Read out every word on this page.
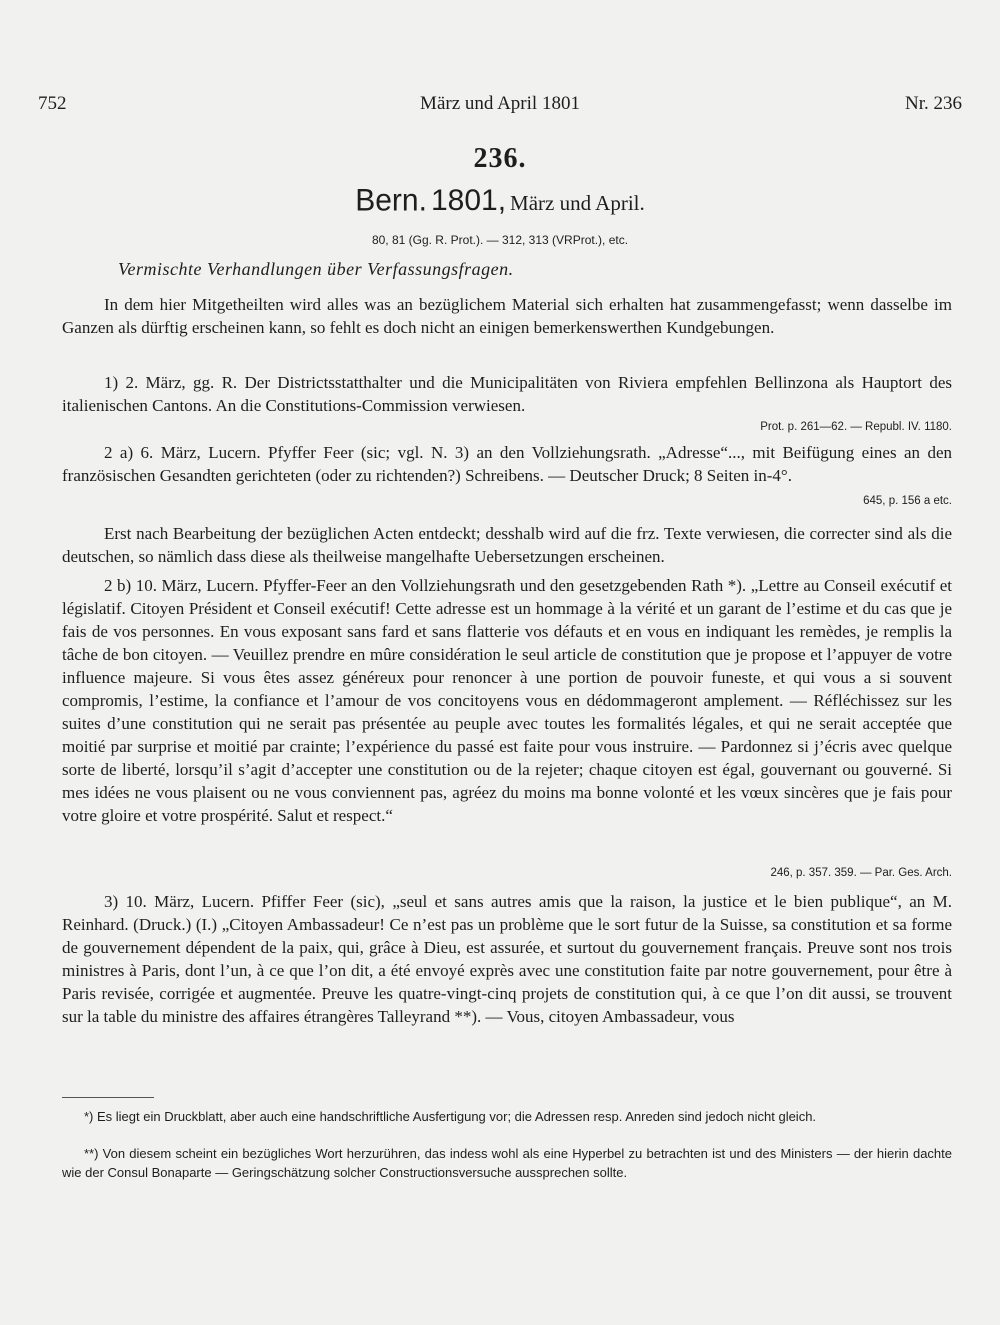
752	März und April 1801	Nr. 236
236.
Bern. 1801, März und April.
80, 81 (Gg. R. Prot.). — 312, 313 (VRProt.), etc.
Vermischte Verhandlungen über Verfassungsfragen.
In dem hier Mitgetheilten wird alles was an bezüglichem Material sich erhalten hat zusammengefasst; wenn dasselbe im Ganzen als dürftig erscheinen kann, so fehlt es doch nicht an einigen bemerkenswerthen Kundgebungen.
1) 2. März, gg. R. Der Districtsstatthalter und die Municipalitäten von Riviera empfehlen Bellinzona als Hauptort des italienischen Cantons. An die Constitutions-Commission verwiesen.
Prot. p. 261—62. — Republ. IV. 1180.
2 a) 6. März, Lucern. Pfyffer Feer (sic; vgl. N. 3) an den Vollziehungsrath. „Adresse“..., mit Beifügung eines an den französischen Gesandten gerichteten (oder zu richtenden?) Schreibens. — Deutscher Druck; 8 Seiten in-4°.
645, p. 156 a etc.
Erst nach Bearbeitung der bezüglichen Acten entdeckt; desshalb wird auf die frz. Texte verwiesen, die correcter sind als die deutschen, so nämlich dass diese als theilweise mangelhafte Uebersetzungen erscheinen.
2 b) 10. März, Lucern. Pfyffer-Feer an den Vollziehungsrath und den gesetzgebenden Rath *). „Lettre au Conseil exécutif et législatif. Citoyen Président et Conseil exécutif! Cette adresse est un hommage à la vérité et un garant de l’estime et du cas que je fais de vos personnes. En vous exposant sans fard et sans flatterie vos défauts et en vous en indiquant les remèdes, je remplis la tâche de bon citoyen. — Veuillez prendre en mûre considération le seul article de constitution que je propose et l’appuyer de votre influence majeure. Si vous êtes assez généreux pour renoncer à une portion de pouvoir funeste, et qui vous a si souvent compromis, l’estime, la confiance et l’amour de vos concitoyens vous en dédommageront amplement. — Réfléchissez sur les suites d’une constitution qui ne serait pas présentée au peuple avec toutes les formalités légales, et qui ne serait acceptée que moitié par surprise et moitié par crainte; l’expérience du passé est faite pour vous instruire. — Pardonnez si j’écris avec quelque sorte de liberté, lorsqu’il s’agit d’accepter une constitution ou de la rejeter; chaque citoyen est égal, gouvernant ou gouverné. Si mes idées ne vous plaisent ou ne vous conviennent pas, agréez du moins ma bonne volonté et les vœux sincères que je fais pour votre gloire et votre prospérité. Salut et respect.“
246, p. 357. 359. — Par. Ges. Arch.
3) 10. März, Lucern. Pfiffer Feer (sic), „seul et sans autres amis que la raison, la justice et le bien publique“, an M. Reinhard. (Druck.) (I.) „Citoyen Ambassadeur! Ce n’est pas un problème que le sort futur de la Suisse, sa constitution et sa forme de gouvernement dépendent de la paix, qui, grâce à Dieu, est assurée, et surtout du gouvernement français. Preuve sont nos trois ministres à Paris, dont l’un, à ce que l’on dit, a été envoyé exprès avec une constitution faite par notre gouvernement, pour être à Paris revisée, corrigée et augmentée. Preuve les quatre-vingt-cinq projets de constitution qui, à ce que l’on dit aussi, se trouvent sur la table du ministre des affaires étrangères Talleyrand **). — Vous, citoyen Ambassadeur, vous
*) Es liegt ein Druckblatt, aber auch eine handschriftliche Ausfertigung vor; die Adressen resp. Anreden sind jedoch nicht gleich.
**) Von diesem scheint ein bezügliches Wort herzurühren, das indess wohl als eine Hyperbel zu betrachten ist und des Ministers — der hierin dachte wie der Consul Bonaparte — Geringschätzung solcher Constructionsversuche aussprechen sollte.
